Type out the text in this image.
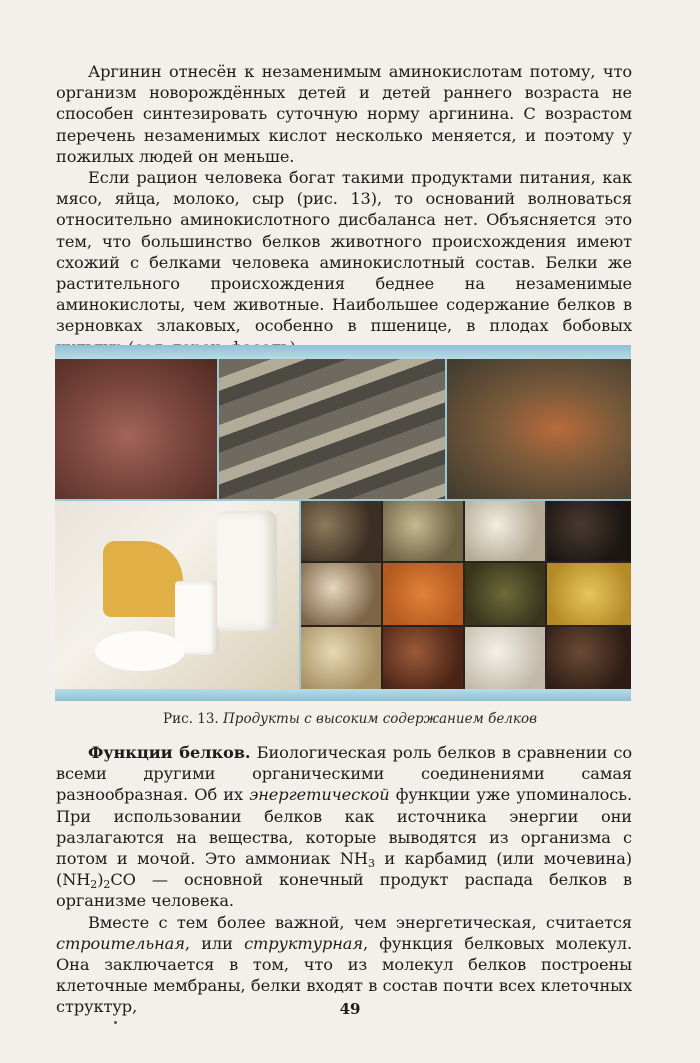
Аргинин отнесён к незаменимым аминокислотам потому, что организм новорождённых детей и детей раннего возраста не способен синтезировать суточную норму аргинина. С возрастом перечень незаменимых кислот несколько меняется, и поэтому у пожилых людей он меньше.

Если рацион человека богат такими продуктами питания, как мясо, яйца, молоко, сыр (рис. 13), то оснований волноваться относительно аминокислотного дисбаланса нет. Объясняется это тем, что большинство белков животного происхождения имеют схожий с белками человека аминокислотный состав. Белки же растительного происхождения беднее на незаменимые аминокислоты, чем животные. Наибольшее содержание белков в зерновках злаковых, особенно в пшенице, в плодах бобовых

Рис. 13. Продукты с высоким содержанием белков

Функции белков. Биологическая роль белков в сравнении со всеми другими органическими соединениями самая разнообразная. Об их энергетической функции уже упоминалось. При использовании белков как источника энергии они разлагаются на вещества, которые выводятся из организма с потом и мочой. Это аммониак $NH_3$ и карбамид (или мочевина) $(NH_2)_2CO$ — основной конечный продукт распада белков в организме человека.

Вместе с тем более важной, чем энергетическая, считается строительная, или структурная, функция белковых молекул. Она заключается в том, что из молекул белков построены клеточные мембраны, белки входят в состав почти всех клеточных структур,	49
